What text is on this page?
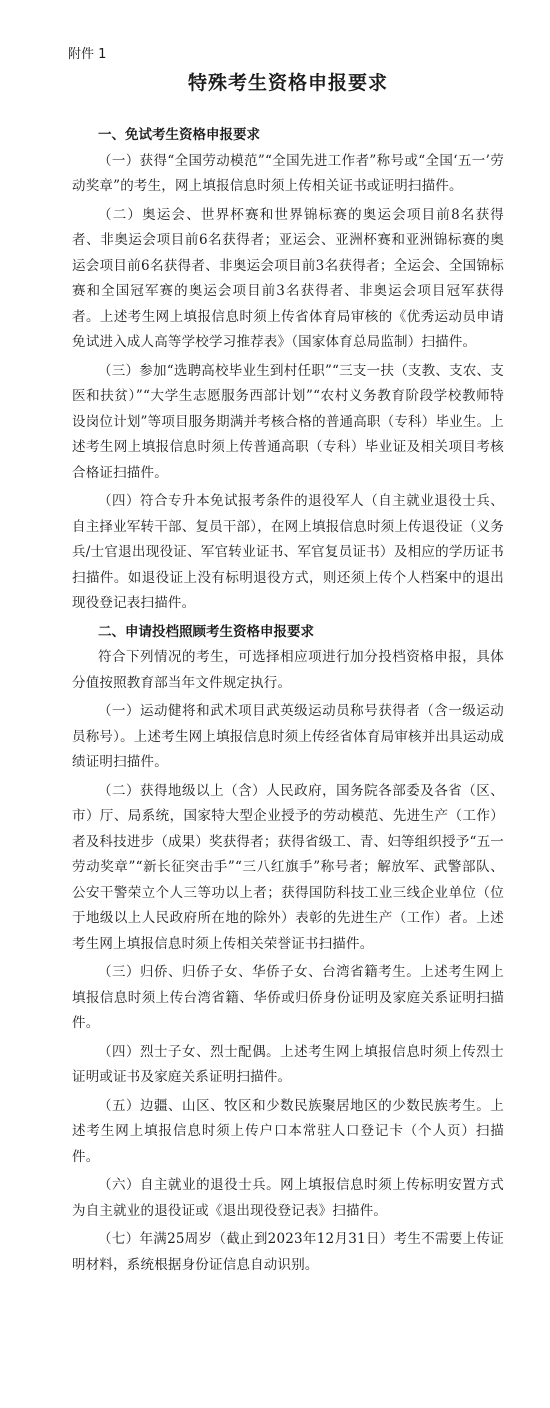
附件 1
特殊考生资格申报要求

一、免试考生资格申报要求

（一）获得“全国劳动模范”“全国先进工作者”称号或“全国‘五一’劳动奖章”的考生，网上填报信息时须上传相关证书或证明扫描件。

（二）奥运会、世界杯赛和世界锦标赛的奥运会项目前8名获得者、非奥运会项目前6名获得者；亚运会、亚洲杯赛和亚洲锦标赛的奥运会项目前6名获得者、非奥运会项目前3名获得者；全运会、全国锦标赛和全国冠军赛的奥运会项目前3名获得者、非奥运会项目冠军获得者。上述考生网上填报信息时须上传省体育局审核的《优秀运动员申请免试进入成人高等学校学习推荐表》（国家体育总局监制）扫描件。

（三）参加“选聘高校毕业生到村任职”“三支一扶（支教、支农、支医和扶贫）”“大学生志愿服务西部计划”“农村义务教育阶段学校教师特设岗位计划”等项目服务期满并考核合格的普通高职（专科）毕业生。上述考生网上填报信息时须上传普通高职（专科）毕业证及相关项目考核合格证扫描件。

（四）符合专升本免试报考条件的退役军人（自主就业退役士兵、自主择业军转干部、复员干部），在网上填报信息时须上传退役证（义务兵/士官退出现役证、军官转业证书、军官复员证书）及相应的学历证书扫描件。如退役证上没有标明退役方式，则还须上传个人档案中的退出现役登记表扫描件。

二、申请投档照顾考生资格申报要求

符合下列情况的考生，可选择相应项进行加分投档资格申报，具体分值按照教育部当年文件规定执行。

（一）运动健将和武术项目武英级运动员称号获得者（含一级运动员称号）。上述考生网上填报信息时须上传经省体育局审核并出具运动成绩证明扫描件。

（二）获得地级以上（含）人民政府，国务院各部委及各省（区、市）厅、局系统，国家特大型企业授予的劳动模范、先进生产（工作）者及科技进步（成果）奖获得者；获得省级工、青、妇等组织授予“五一劳动奖章”“新长征突击手”“三八红旗手”称号者；解放军、武警部队、公安干警荣立个人三等功以上者；获得国防科技工业三线企业单位（位于地级以上人民政府所在地的除外）表彰的先进生产（工作）者。上述考生网上填报信息时须上传相关荣誉证书扫描件。

（三）归侨、归侨子女、华侨子女、台湾省籍考生。上述考生网上填报信息时须上传台湾省籍、华侨或归侨身份证明及家庭关系证明扫描件。

（四）烈士子女、烈士配偶。上述考生网上填报信息时须上传烈士证明或证书及家庭关系证明扫描件。

（五）边疆、山区、牧区和少数民族聚居地区的少数民族考生。上述考生网上填报信息时须上传户口本常驻人口登记卡（个人页）扫描件。

（六）自主就业的退役士兵。网上填报信息时须上传标明安置方式为自主就业的退役证或《退出现役登记表》扫描件。

（七）年满25周岁（截止到2023年12月31日）考生不需要上传证明材料，系统根据身份证信息自动识别。
